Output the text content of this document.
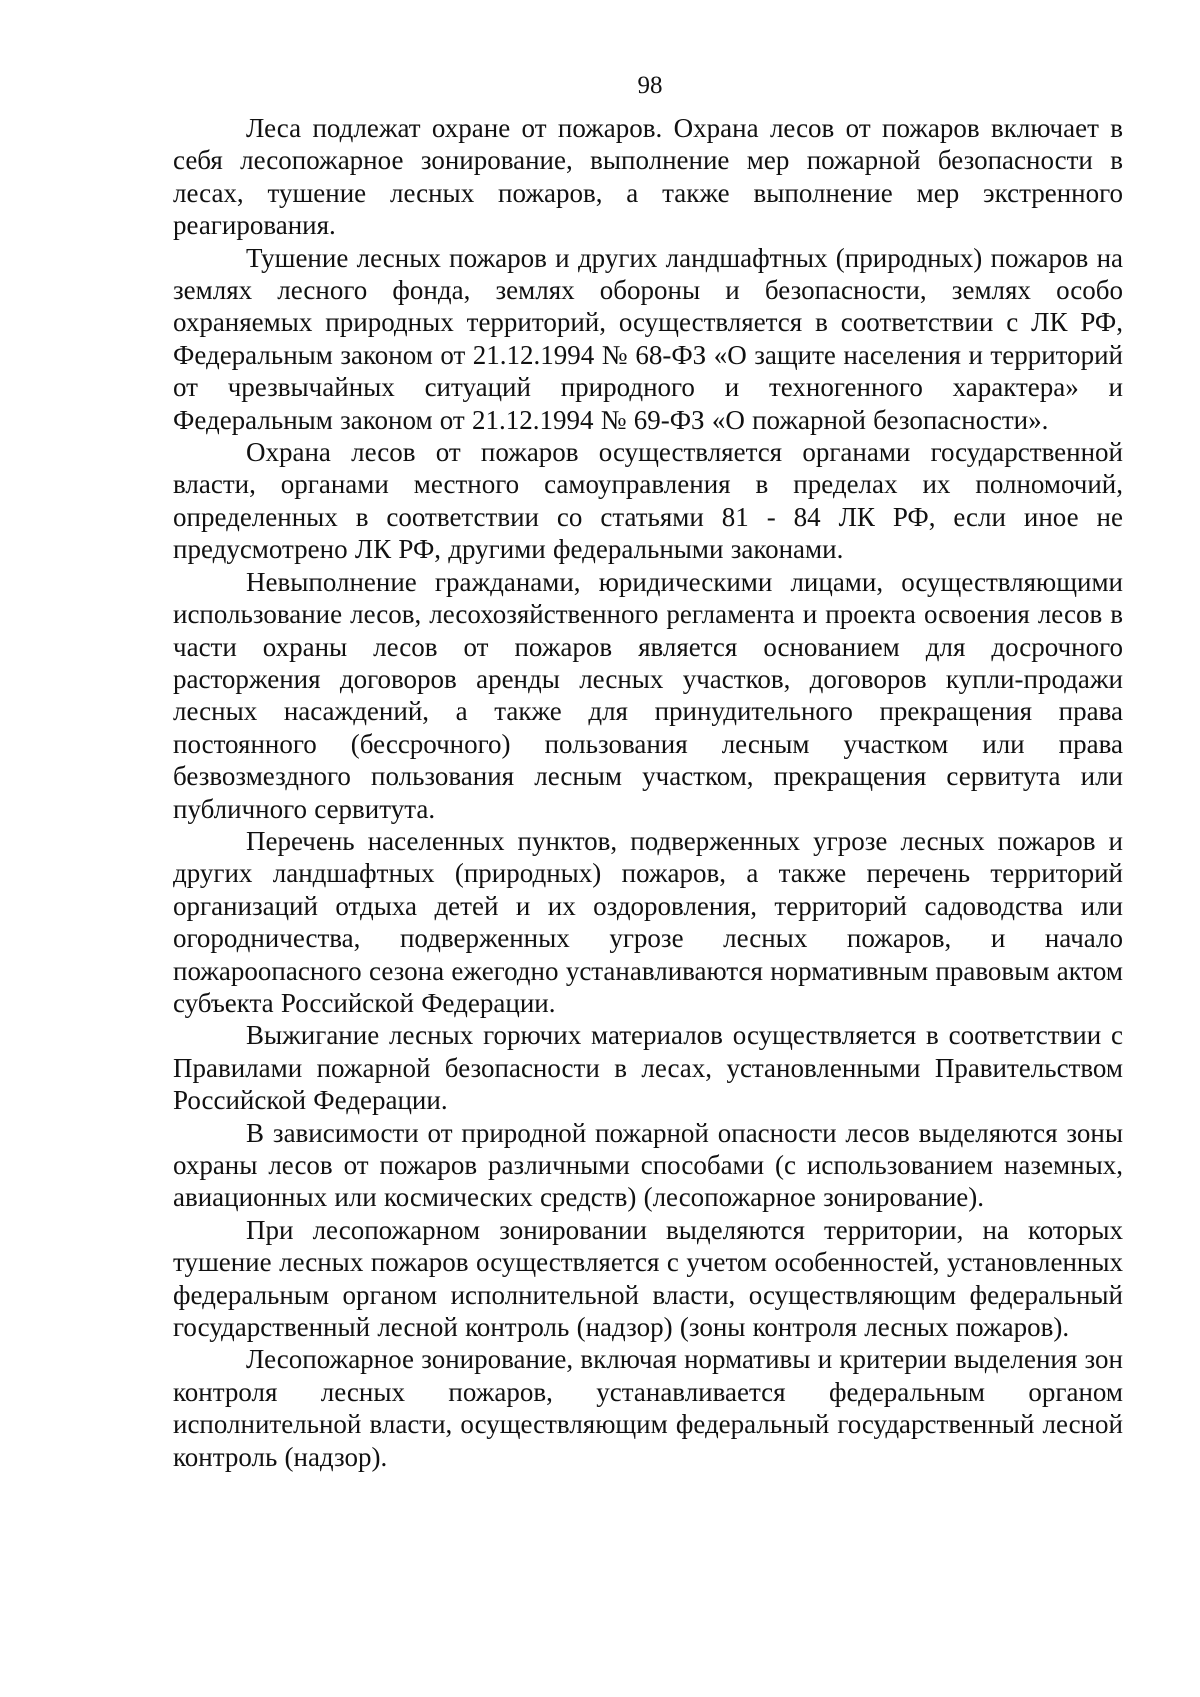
98

Леса подлежат охране от пожаров. Охрана лесов от пожаров включает в себя лесопожарное зонирование, выполнение мер пожарной безопасности в лесах, тушение лесных пожаров, а также выполнение мер экстренного реагирования.

Тушение лесных пожаров и других ландшафтных (природных) пожаров на землях лесного фонда, землях обороны и безопасности, землях особо охраняемых природных территорий, осуществляется в соответствии с ЛК РФ, Федеральным законом от 21.12.1994 № 68-ФЗ «О защите населения и территорий от чрезвычайных ситуаций природного и техногенного характера» и Федеральным законом от 21.12.1994 № 69-ФЗ «О пожарной безопасности».

Охрана лесов от пожаров осуществляется органами государственной власти, органами местного самоуправления в пределах их полномочий, определенных в соответствии со статьями 81 - 84 ЛК РФ, если иное не предусмотрено ЛК РФ, другими федеральными законами.

Невыполнение гражданами, юридическими лицами, осуществляющими использование лесов, лесохозяйственного регламента и проекта освоения лесов в части охраны лесов от пожаров является основанием для досрочного расторжения договоров аренды лесных участков, договоров купли-продажи лесных насаждений, а также для принудительного прекращения права постоянного (бессрочного) пользования лесным участком или права безвозмездного пользования лесным участком, прекращения сервитута или публичного сервитута.

Перечень населенных пунктов, подверженных угрозе лесных пожаров и других ландшафтных (природных) пожаров, а также перечень территорий организаций отдыха детей и их оздоровления, территорий садоводства или огородничества, подверженных угрозе лесных пожаров, и начало пожароопасного сезона ежегодно устанавливаются нормативным правовым актом субъекта Российской Федерации.

Выжигание лесных горючих материалов осуществляется в соответствии с Правилами пожарной безопасности в лесах, установленными Правительством Российской Федерации.

В зависимости от природной пожарной опасности лесов выделяются зоны охраны лесов от пожаров различными способами (с использованием наземных, авиационных или космических средств) (лесопожарное зонирование).

При лесопожарном зонировании выделяются территории, на которых тушение лесных пожаров осуществляется с учетом особенностей, установленных федеральным органом исполнительной власти, осуществляющим федеральный государственный лесной контроль (надзор) (зоны контроля лесных пожаров).

Лесопожарное зонирование, включая нормативы и критерии выделения зон контроля лесных пожаров, устанавливается федеральным органом исполнительной власти, осуществляющим федеральный государственный лесной контроль (надзор).
